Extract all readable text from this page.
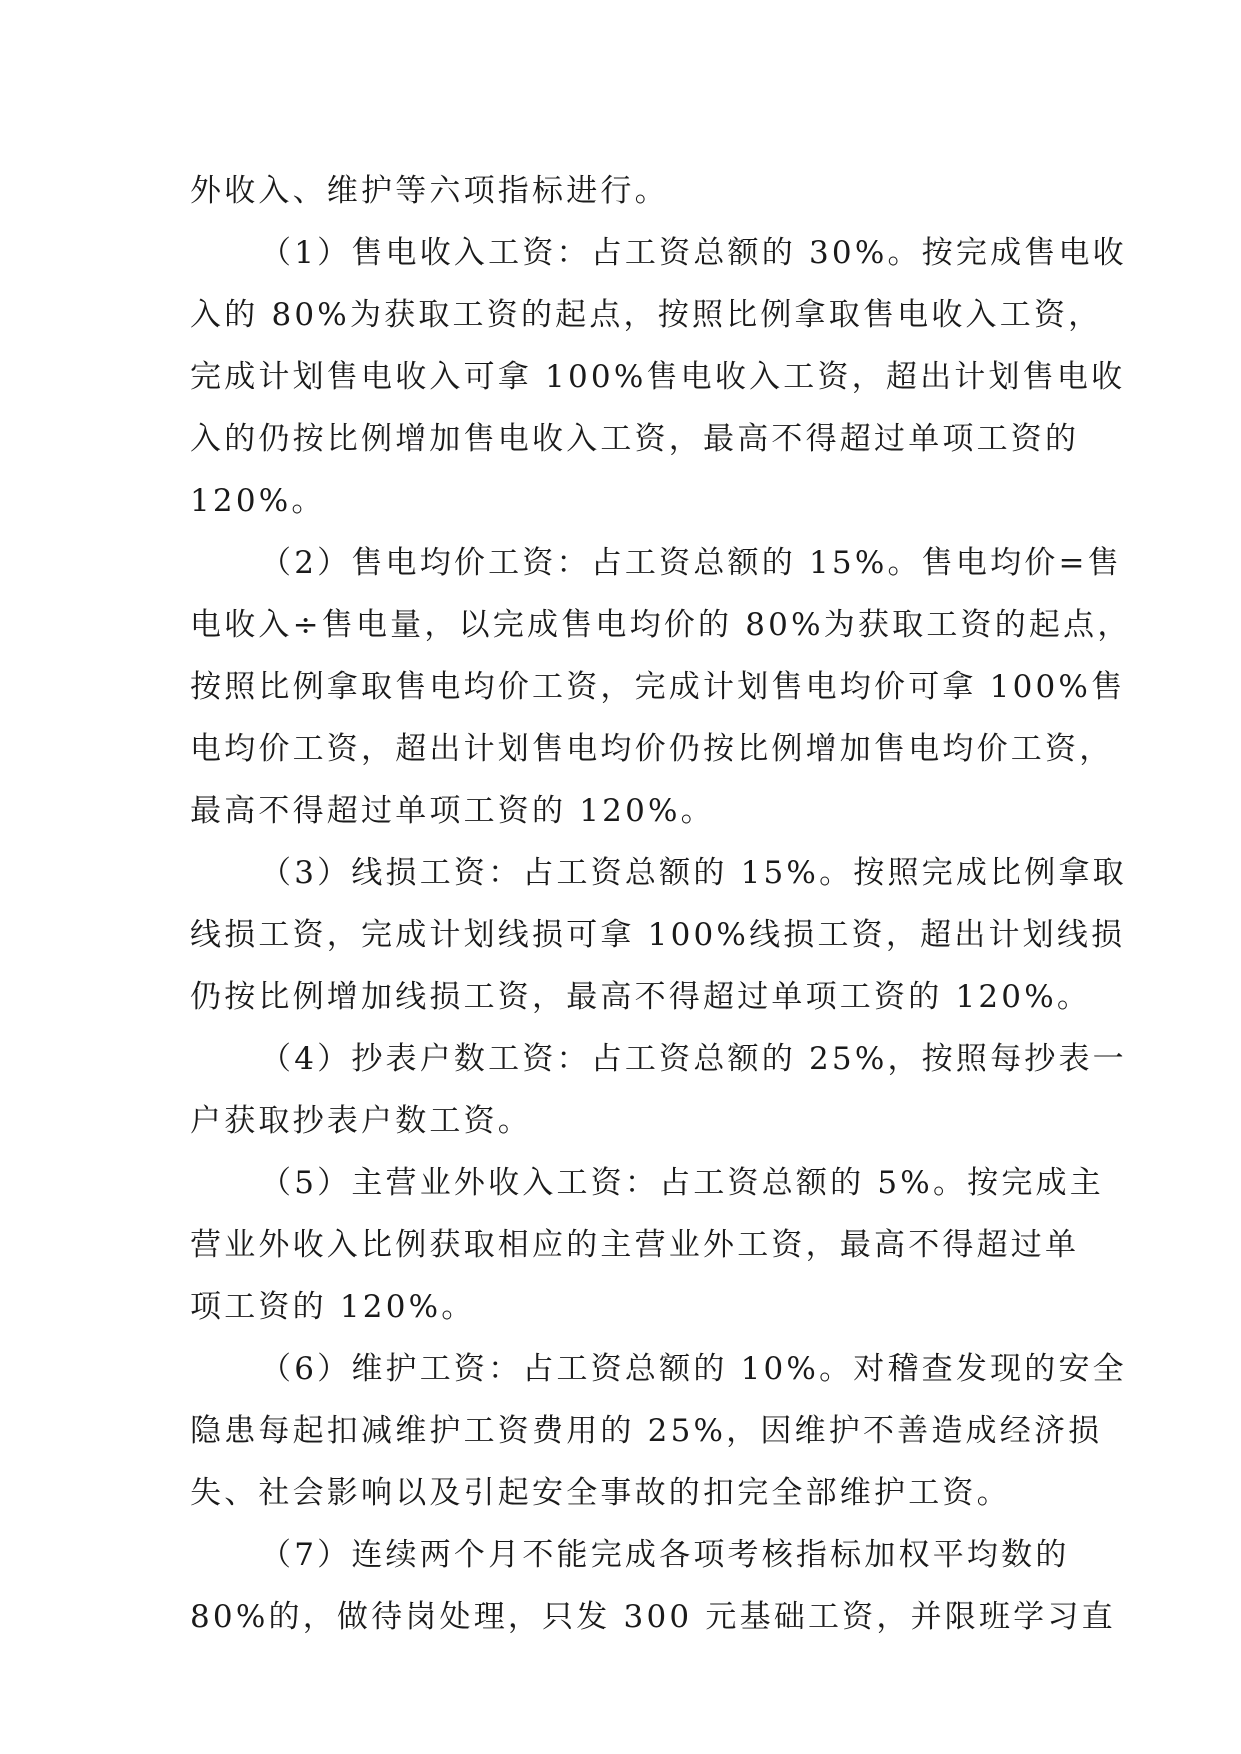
外收入、维护等六项指标进行。
（1）售电收入工资：占工资总额的 30%。按完成售电收
入的 80%为获取工资的起点，按照比例拿取售电收入工资，
完成计划售电收入可拿 100%售电收入工资，超出计划售电收
入的仍按比例增加售电收入工资，最高不得超过单项工资的
120%。
（2）售电均价工资：占工资总额的 15%。售电均价=售
电收入÷售电量，以完成售电均价的 80%为获取工资的起点，
按照比例拿取售电均价工资，完成计划售电均价可拿 100%售
电均价工资，超出计划售电均价仍按比例增加售电均价工资，
最高不得超过单项工资的 120%。
（3）线损工资：占工资总额的 15%。按照完成比例拿取
线损工资，完成计划线损可拿 100%线损工资，超出计划线损
仍按比例增加线损工资，最高不得超过单项工资的 120%。
（4）抄表户数工资：占工资总额的 25%，按照每抄表一
户获取抄表户数工资。
（5）主营业外收入工资：占工资总额的 5%。按完成主
营业外收入比例获取相应的主营业外工资，最高不得超过单
项工资的 120%。
（6）维护工资：占工资总额的 10%。对稽查发现的安全
隐患每起扣减维护工资费用的 25%，因维护不善造成经济损
失、社会影响以及引起安全事故的扣完全部维护工资。
（7）连续两个月不能完成各项考核指标加权平均数的
80%的，做待岗处理，只发 300 元基础工资，并限班学习直
